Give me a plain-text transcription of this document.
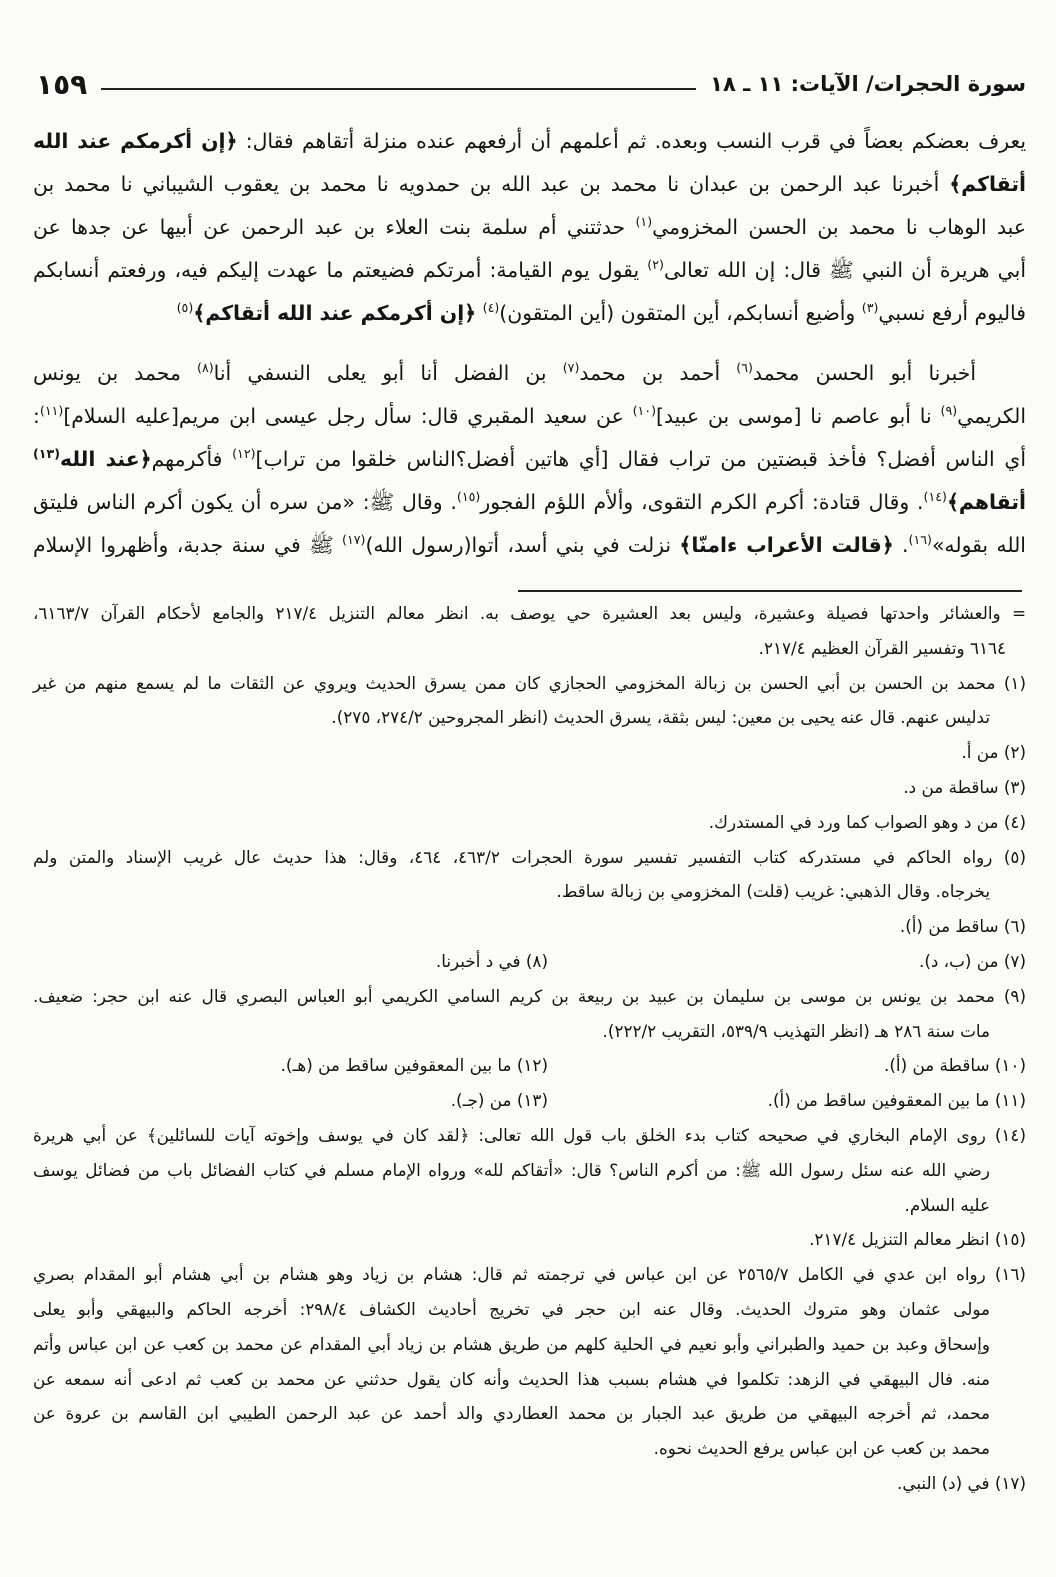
سورة الحجرات/ الآيات: ١١ ـ ١٨
١٥٩
يعرف بعضكم بعضاً في قرب النسب وبعده. ثم أعلمهم أن أرفعهم عنده منزلة أتقاهم فقال: ﴿إن أكرمكم عند الله
أتقاكم﴾ أخبرنا عبد الرحمن بن عبدان نا محمد بن عبد الله بن حمدويه نا محمد بن يعقوب الشيباني نا محمد بن
عبد الوهاب نا محمد بن الحسن المخزومي$^{(١)}$ حدثتني أم سلمة بنت العلاء بن عبد الرحمن عن أبيها عن جدها عن
أبي هريرة أن النبي ﷺ قال: إن الله تعالى$^{(٢)}$ يقول يوم القيامة: أمرتكم فضيعتم ما عهدت إليكم فيه، ورفعتم أنسابكم
فاليوم أرفع نسبي$^{(٣)}$ وأضيع أنسابكم، أين المتقون (أين المتقون)$^{(٤)}$ ﴿إن أكرمكم عند الله أتقاكم﴾$^{(٥)}$
أخبرنا أبو الحسن محمد$^{(٦)}$ أحمد بن محمد$^{(٧)}$ بن الفضل أنا أبو يعلى النسفي أنا$^{(٨)}$ محمد بن يونس
الكريمي$^{(٩)}$ نا أبو عاصم نا [موسى بن عبيد]$^{(١٠)}$ عن سعيد المقبري قال: سأل رجل عيسى ابن مريم[عليه السلام]$^{(١١)}$:
أي الناس أفضل؟ فأخذ قبضتين من تراب فقال [أي هاتين أفضل؟الناس خلقوا من تراب]$^{(١٢)}$ فأكرمهم﴿عند الله$^{(١٣)}$
أتقاهم﴾$^{(١٤)}$. وقال قتادة: أكرم الكرم التقوى، وألأم اللؤم الفجور$^{(١٥)}$. وقال ﷺ: «من سره أن يكون أكرم الناس فليتق
الله بقوله»$^{(١٦)}$. ﴿قالت الأعراب ءامنّا﴾ نزلت في بني أسد، أتوا(رسول الله)$^{(١٧)}$ ﷺ في سنة جدبة، وأظهروا الإسلام
= والعشائر واحدتها فصيلة وعشيرة، وليس بعد العشيرة حي يوصف به. انظر معالم التنزيل ٢١٧/٤ والجامع لأحكام القرآن ٦١٦٣/٧،
٦١٦٤ وتفسير القرآن العظيم ٢١٧/٤.
(١) محمد بن الحسن بن أبي الحسن بن زبالة المخزومي الحجازي كان ممن يسرق الحديث ويروي عن الثقات ما لم يسمع منهم من غير
تدليس عنهم. قال عنه يحيى بن معين: ليس بثقة، يسرق الحديث (انظر المجروحين ٢٧٤/٢، ٢٧٥).
(٢) من أ.
(٣) ساقطة من د.
(٤) من د وهو الصواب كما ورد في المستدرك.
(٥) رواه الحاكم في مستدركه كتاب التفسير تفسير سورة الحجرات ٤٦٣/٢، ٤٦٤، وقال: هذا حديث عال غريب الإسناد والمتن ولم
يخرجاه. وقال الذهبي: غريب (قلت) المخزومي بن زبالة ساقط.
(٦) ساقط من (أ).
(٧) من (ب، د).
(٨) في د أخبرنا.
(٩) محمد بن يونس بن موسى بن سليمان بن عبيد بن ربيعة بن كريم السامي الكريمي أبو العباس البصري قال عنه ابن حجر: ضعيف.
مات سنة ٢٨٦ هـ (انظر التهذيب ٥٣٩/٩، التقريب ٢٢٢/٢).
(١٠) ساقطة من (أ).
(١٢) ما بين المعقوفين ساقط من (هـ).
(١١) ما بين المعقوفين ساقط من (أ).
(١٣) من (جـ).
(١٤) روى الإمام البخاري في صحيحه كتاب بدء الخلق باب قول الله تعالى: ﴿لقد كان في يوسف وإخوته آيات للسائلين﴾ عن أبي هريرة
رضي الله عنه سئل رسول الله ﷺ: من أكرم الناس؟ قال: «أتقاكم لله» ورواه الإمام مسلم في كتاب الفضائل باب من فضائل يوسف
عليه السلام.
(١٥) انظر معالم التنزيل ٢١٧/٤.
(١٦) رواه ابن عدي في الكامل ٢٥٦٥/٧ عن ابن عباس في ترجمته ثم قال: هشام بن زياد وهو هشام بن أبي هشام أبو المقدام بصري
مولى عثمان وهو متروك الحديث. وقال عنه ابن حجر في تخريج أحاديث الكشاف ٢٩٨/٤: أخرجه الحاكم والبيهقي وأبو يعلى
وإسحاق وعبد بن حميد والطبراني وأبو نعيم في الحلية كلهم من طريق هشام بن زياد أبي المقدام عن محمد بن كعب عن ابن عباس وأتم
منه. فال البيهقي في الزهد: تكلموا في هشام بسبب هذا الحديث وأنه كان يقول حدثني عن محمد بن كعب ثم ادعى أنه سمعه عن
محمد، ثم أخرجه البيهقي من طريق عبد الجبار بن محمد العطاردي والد أحمد عن عبد الرحمن الطيبي ابن القاسم بن عروة عن
محمد بن كعب عن ابن عباس يرفع الحديث نحوه.
(١٧) في (د) النبي.
